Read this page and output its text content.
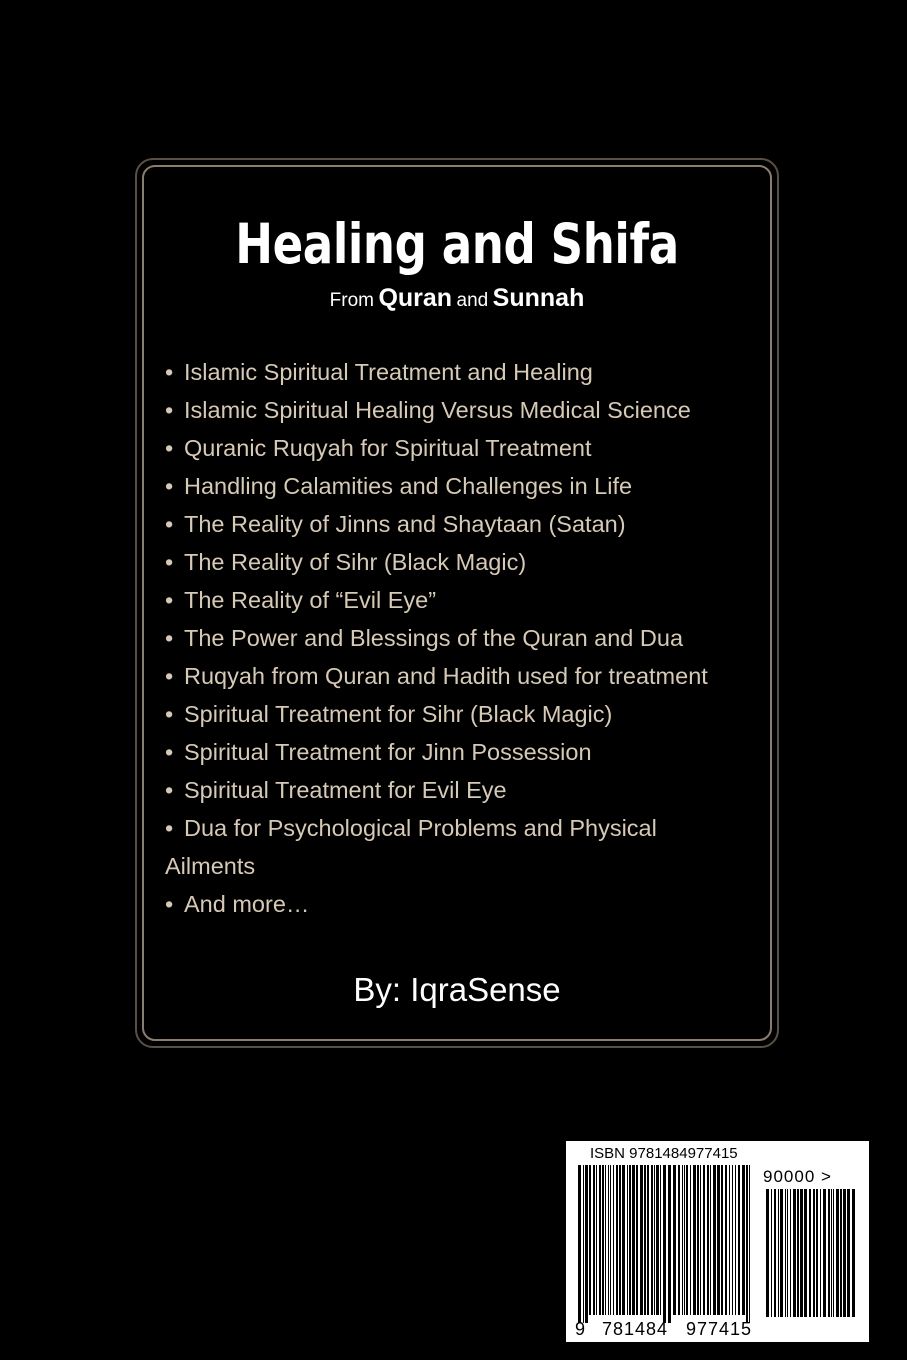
Healing and Shifa
From Quran and Sunnah
• Islamic Spiritual Treatment and Healing
• Islamic Spiritual Healing Versus Medical Science
• Quranic Ruqyah for Spiritual Treatment
• Handling Calamities and Challenges in Life
• The Reality of Jinns and Shaytaan (Satan)
• The Reality of Sihr (Black Magic)
• The Reality of “Evil Eye”
• The Power and Blessings of the Quran and Dua
• Ruqyah from Quran and Hadith used for treatment
• Spiritual Treatment for Sihr (Black Magic)
• Spiritual Treatment for Jinn Possession
• Spiritual Treatment for Evil Eye
• Dua for Psychological Problems and Physical
Ailments
• And more…
By: IqraSense
ISBN 9781484977415
90000 >
9 781484 977415
